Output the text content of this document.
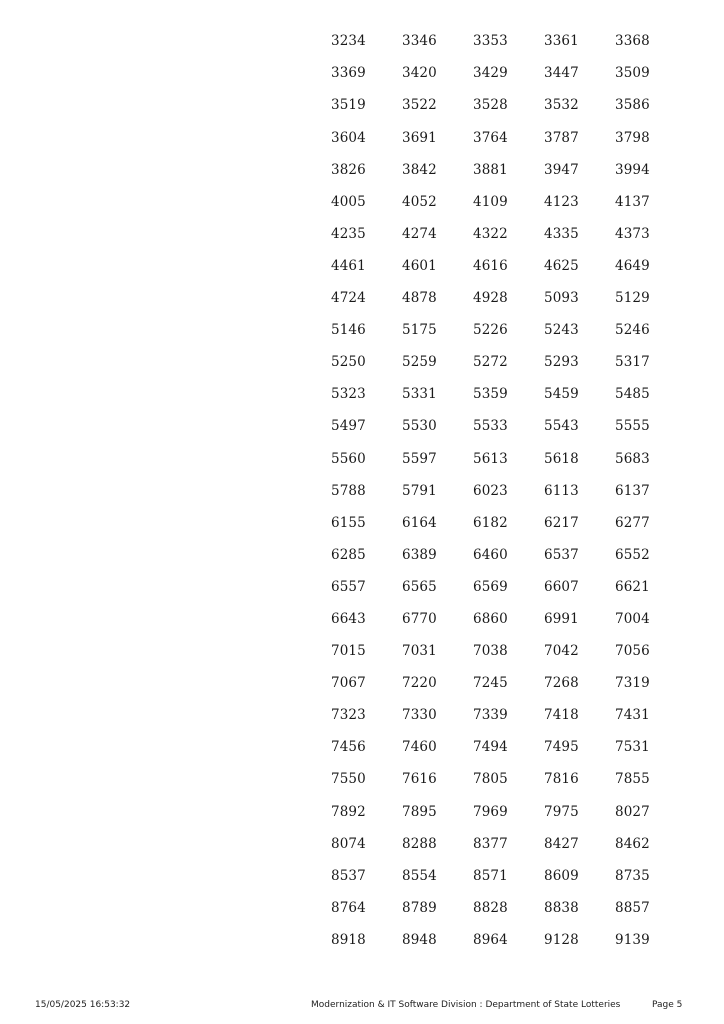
3234	3346	3353	3361	3368
3369	3420	3429	3447	3509
3519	3522	3528	3532	3586
3604	3691	3764	3787	3798
3826	3842	3881	3947	3994
4005	4052	4109	4123	4137
4235	4274	4322	4335	4373
4461	4601	4616	4625	4649
4724	4878	4928	5093	5129
5146	5175	5226	5243	5246
5250	5259	5272	5293	5317
5323	5331	5359	5459	5485
5497	5530	5533	5543	5555
5560	5597	5613	5618	5683
5788	5791	6023	6113	6137
6155	6164	6182	6217	6277
6285	6389	6460	6537	6552
6557	6565	6569	6607	6621
6643	6770	6860	6991	7004
7015	7031	7038	7042	7056
7067	7220	7245	7268	7319
7323	7330	7339	7418	7431
7456	7460	7494	7495	7531
7550	7616	7805	7816	7855
7892	7895	7969	7975	8027
8074	8288	8377	8427	8462
8537	8554	8571	8609	8735
8764	8789	8828	8838	8857
8918	8948	8964	9128	9139
15/05/2025 16:53:32	Modernization & IT Software Division : Department of State Lotteries	Page 5
